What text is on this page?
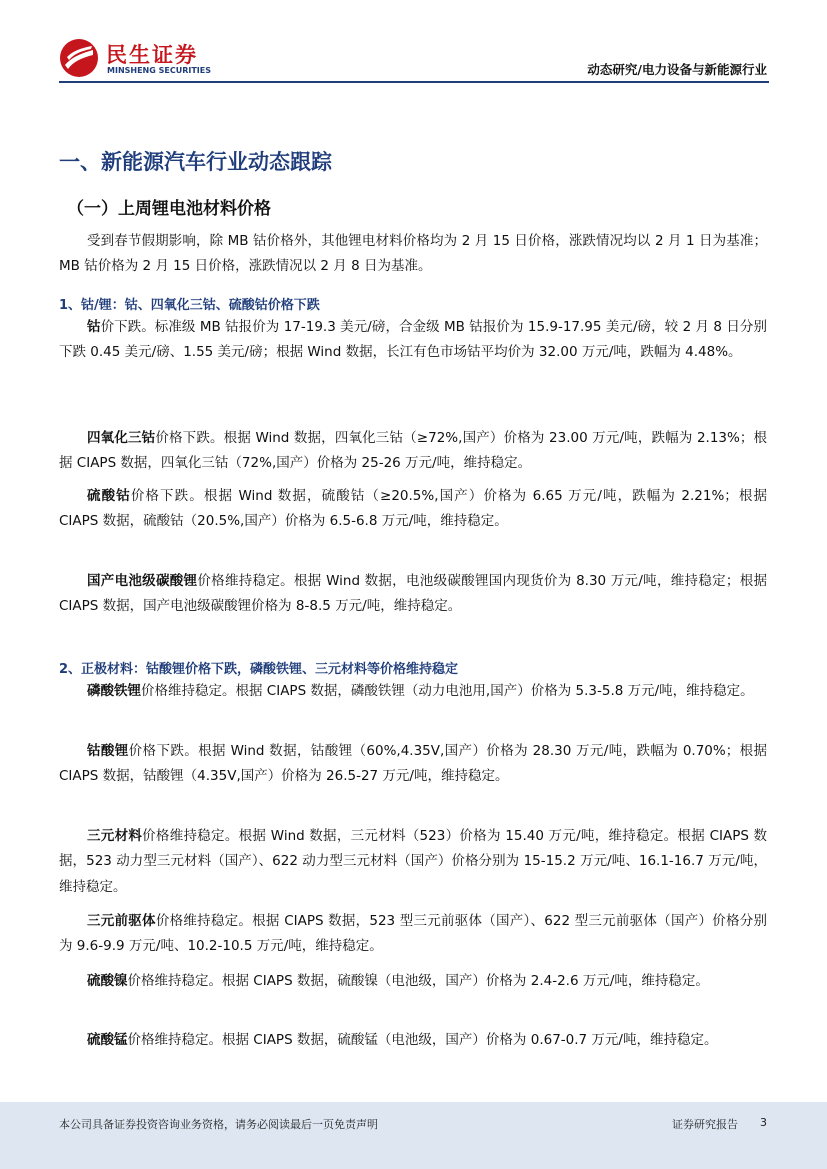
民生证券
MINSHENG SECURITIES	动态研究/电力设备与新能源行业
一、新能源汽车行业动态跟踪
（一）上周锂电池材料价格
受到春节假期影响，除 MB 钴价格外，其他锂电材料价格均为 2 月 15 日价格，涨跌情况均以 2 月 1 日为基准；MB 钴价格为 2 月 15 日价格，涨跌情况以 2 月 8 日为基准。
1、钴/锂：钴、四氧化三钴、硫酸钴价格下跌
钴价下跌。标准级 MB 钴报价为 17-19.3 美元/磅，合金级 MB 钴报价为 15.9-17.95 美元/磅，较 2 月 8 日分别下跌 0.45 美元/磅、1.55 美元/磅；根据 Wind 数据，长江有色市场钴平均价为 32.00 万元/吨，跌幅为 4.48%。
四氧化三钴价格下跌。根据 Wind 数据，四氧化三钴（≥72%,国产）价格为 23.00 万元/吨，跌幅为 2.13%；根据 CIAPS 数据，四氧化三钴（72%,国产）价格为 25-26 万元/吨，维持稳定。
硫酸钴价格下跌。根据 Wind 数据，硫酸钴（≥20.5%,国产）价格为 6.65 万元/吨，跌幅为 2.21%；根据 CIAPS 数据，硫酸钴（20.5%,国产）价格为 6.5-6.8 万元/吨，维持稳定。
国产电池级碳酸锂价格维持稳定。根据 Wind 数据，电池级碳酸锂国内现货价为 8.30 万元/吨，维持稳定；根据 CIAPS 数据，国产电池级碳酸锂价格为 8-8.5 万元/吨，维持稳定。
2、正极材料：钴酸锂价格下跌，磷酸铁锂、三元材料等价格维持稳定
磷酸铁锂价格维持稳定。根据 CIAPS 数据，磷酸铁锂（动力电池用,国产）价格为 5.3-5.8 万元/吨，维持稳定。
钴酸锂价格下跌。根据 Wind 数据，钴酸锂（60%,4.35V,国产）价格为 28.30 万元/吨，跌幅为 0.70%；根据 CIAPS 数据，钴酸锂（4.35V,国产）价格为 26.5-27 万元/吨，维持稳定。
三元材料价格维持稳定。根据 Wind 数据，三元材料（523）价格为 15.40 万元/吨，维持稳定。根据 CIAPS 数据，523 动力型三元材料（国产）、622 动力型三元材料（国产）价格分别为 15-15.2 万元/吨、16.1-16.7 万元/吨，维持稳定。
三元前驱体价格维持稳定。根据 CIAPS 数据，523 型三元前驱体（国产）、622 型三元前驱体（国产）价格分别为 9.6-9.9 万元/吨、10.2-10.5 万元/吨，维持稳定。
硫酸镍价格维持稳定。根据 CIAPS 数据，硫酸镍（电池级，国产）价格为 2.4-2.6 万元/吨，维持稳定。
硫酸锰价格维持稳定。根据 CIAPS 数据，硫酸锰（电池级，国产）价格为 0.67-0.7 万元/吨，维持稳定。
本公司具备证券投资咨询业务资格，请务必阅读最后一页免责声明	证券研究报告 3
